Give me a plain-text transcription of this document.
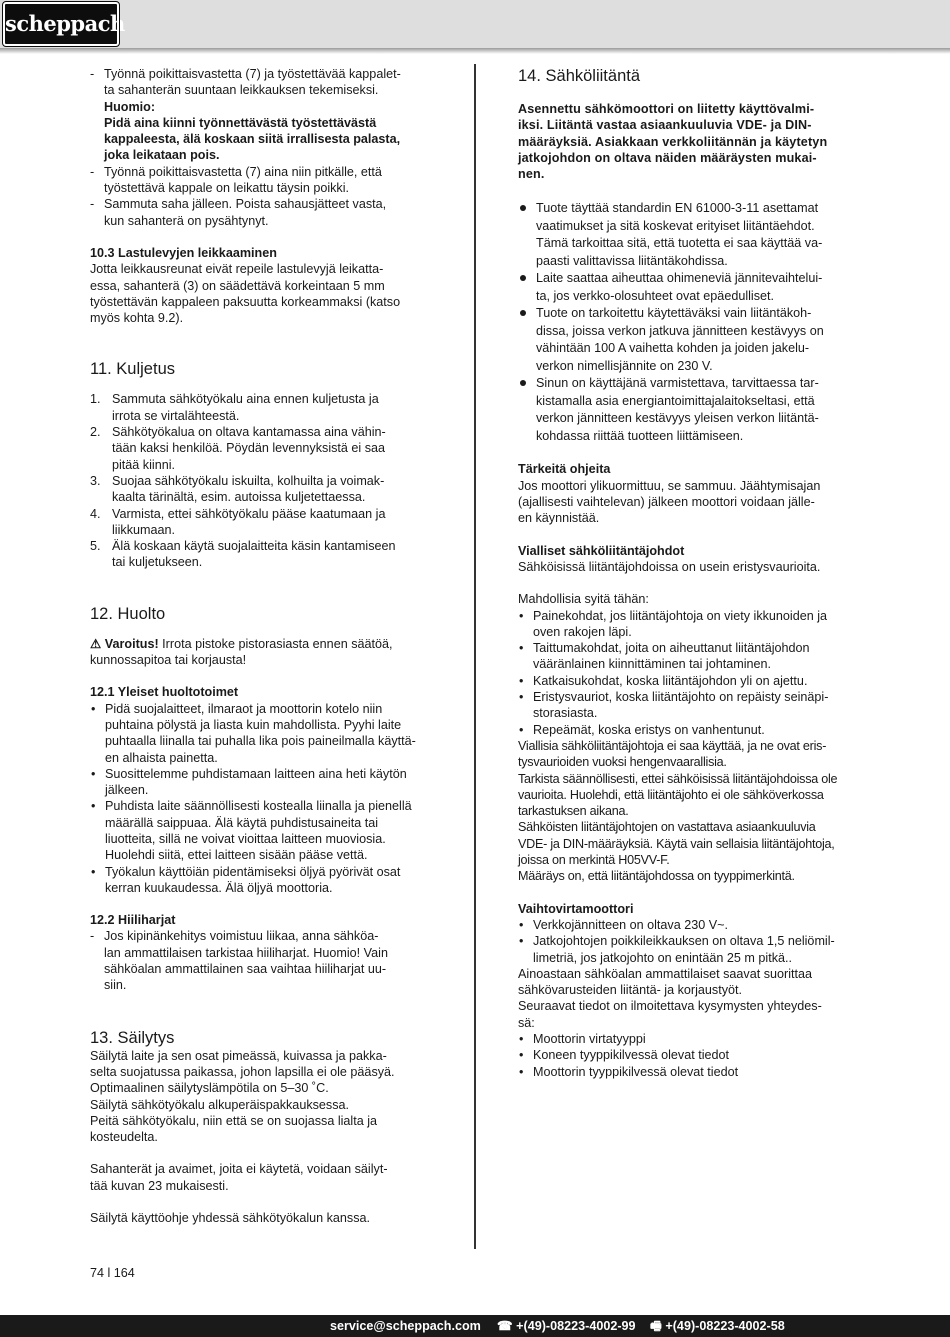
scheppach
- Työnnä poikittaisvastetta (7) ja työstettävää kappalet-
ta sahanterän suuntaan leikkauksen tekemiseksi.
Huomio:
Pidä aina kiinni työnnettävästä työstettävästä
kappaleesta, älä koskaan siitä irrallisesta palasta,
joka leikataan pois.
- Työnnä poikittaisvastetta (7) aina niin pitkälle, että
työstettävä kappale on leikattu täysin poikki.
- Sammuta saha jälleen. Poista sahausjätteet vasta,
kun sahanterä on pysähtynyt.
10.3 Lastulevyjen leikkaaminen
Jotta leikkausreunat eivät repeile lastulevyjä leikatta-
essa, sahanterä (3) on säädettävä korkeintaan 5 mm
työstettävän kappaleen paksuutta korkeammaksi (katso
myös kohta 9.2).
11. Kuljetus
1. Sammuta sähkötyökalu aina ennen kuljetusta ja
irrota se virtalähteestä.
2. Sähkötyökalua on oltava kantamassa aina vähin-
tään kaksi henkilöä. Pöydän levennyksistä ei saa
pitää kiinni.
3. Suojaa sähkötyökalu iskuilta, kolhuilta ja voimak-
kaalta tärinältä, esim. autoissa kuljetettaessa.
4. Varmista, ettei sähkötyökalu pääse kaatumaan ja
liikkumaan.
5. Älä koskaan käytä suojalaitteita käsin kantamiseen
tai kuljetukseen.
12. Huolto
⚠ Varoitus! Irrota pistoke pistorasiasta ennen säätöä,
kunnossapitoa tai korjausta!
12.1 Yleiset huoltotoimet
• Pidä suojalaitteet, ilmaraot ja moottorin kotelo niin
puhtaina pölystä ja liasta kuin mahdollista. Pyyhi laite
puhtaalla liinalla tai puhalla lika pois paineilmalla käyttä-
en alhaista painetta.
• Suosittelemme puhdistamaan laitteen aina heti käytön
jälkeen.
• Puhdista laite säännöllisesti kostealla liinalla ja pienellä
määrällä saippuaa. Älä käytä puhdistusaineita tai
liuotteita, sillä ne voivat vioittaa laitteen muoviosia.
Huolehdi siitä, ettei laitteen sisään pääse vettä.
• Työkalun käyttöiän pidentämiseksi öljyä pyörivät osat
kerran kuukaudessa. Älä öljyä moottoria.
12.2 Hiiliharjat
- Jos kipinänkehitys voimistuu liikaa, anna sähköa-
lan ammattilaisen tarkistaa hiiliharjat. Huomio! Vain
sähköalan ammattilainen saa vaihtaa hiiliharjat uu-
siin.
13. Säilytys
Säilytä laite ja sen osat pimeässä, kuivassa ja pakka-
selta suojatussa paikassa, johon lapsilla ei ole pääsyä.
Optimaalinen säilytyslämpötila on 5–30 ˚C.
Säilytä sähkötyökalu alkuperäispakkauksessa.
Peitä sähkötyökalu, niin että se on suojassa lialta ja
kosteudelta.
Sahanterät ja avaimet, joita ei käytetä, voidaan säilyt-
tää kuvan 23 mukaisesti.
Säilytä käyttöohje yhdessä sähkötyökalun kanssa.
14. Sähköliitäntä
Asennettu sähkömoottori on liitetty käyttövalmi-
iksi. Liitäntä vastaa asiaankuuluvia VDE- ja DIN-
määräyksiä. Asiakkaan verkkoliitännän ja käytetyn
jatkojohdon on oltava näiden määräysten mukai-
nen.
Tuote täyttää standardin EN 61000-3-11 asettamat
vaatimukset ja sitä koskevat erityiset liitäntäehdot.
Tämä tarkoittaa sitä, että tuotetta ei saa käyttää va-
paasti valittavissa liitäntäkohdissa.
Laite saattaa aiheuttaa ohimeneviä jännitevaihtelui-
ta, jos verkko-olosuhteet ovat epäedulliset.
Tuote on tarkoitettu käytettäväksi vain liitäntäkoh-
dissa, joissa verkon jatkuva jännitteen kestävyys on
vähintään 100 A vaihetta kohden ja joiden jakelu-
verkon nimellisjännite on 230 V.
Sinun on käyttäjänä varmistettava, tarvittaessa tar-
kistamalla asia energiantoimittajalaitokseltasi, että
verkon jännitteen kestävyys yleisen verkon liitäntä-
kohdassa riittää tuotteen liittämiseen.
Tärkeitä ohjeita
Jos moottori ylikuormittuu, se sammuu. Jäähtymisajan
(ajallisesti vaihtelevan) jälkeen moottori voidaan jälle-
en käynnistää.
Vialliset sähköliitäntäjohdot
Sähköisissä liitäntäjohdoissa on usein eristysvaurioita.
Mahdollisia syitä tähän:
• Painekohdat, jos liitäntäjohtoja on viety ikkunoiden ja
oven rakojen läpi.
• Taittumakohdat, joita on aiheuttanut liitäntäjohdon
vääränlainen kiinnittäminen tai johtaminen.
• Katkaisukohdat, koska liitäntäjohdon yli on ajettu.
• Eristysvauriot, koska liitäntäjohto on repäisty seinäpi-
storasiasta.
• Repeämät, koska eristys on vanhentunut.
Viallisia sähköliitäntäjohtoja ei saa käyttää, ja ne ovat eris-
tysvaurioiden vuoksi hengenvaarallisia.
Tarkista säännöllisesti, ettei sähköisissä liitäntäjohdoissa ole
vaurioita. Huolehdi, että liitäntäjohto ei ole sähköverkossa
tarkastuksen aikana.
Sähköisten liitäntäjohtojen on vastattava asiaankuuluvia
VDE- ja DIN-määräyksiä. Käytä vain sellaisia liitäntäjohtoja,
joissa on merkintä H05VV-F.
Määräys on, että liitäntäjohdossa on tyyppimerkintä.
Vaihtovirtamoottori
• Verkkojännitteen on oltava 230 V~.
• Jatkojohtojen poikkileikkauksen on oltava 1,5 neliömil-
limetriä, jos jatkojohto on enintään 25 m pitkä..
Ainoastaan sähköalan ammattilaiset saavat suorittaa
sähkövarusteiden liitäntä- ja korjaustyöt.
Seuraavat tiedot on ilmoitettava kysymysten yhteydes-
sä:
• Moottorin virtatyyppi
• Koneen tyyppikilvessä olevat tiedot
• Moottorin tyyppikilvessä olevat tiedot
74 l 164
service@scheppach.com ☎ +(49)-08223-4002-99 🖷 +(49)-08223-4002-58
